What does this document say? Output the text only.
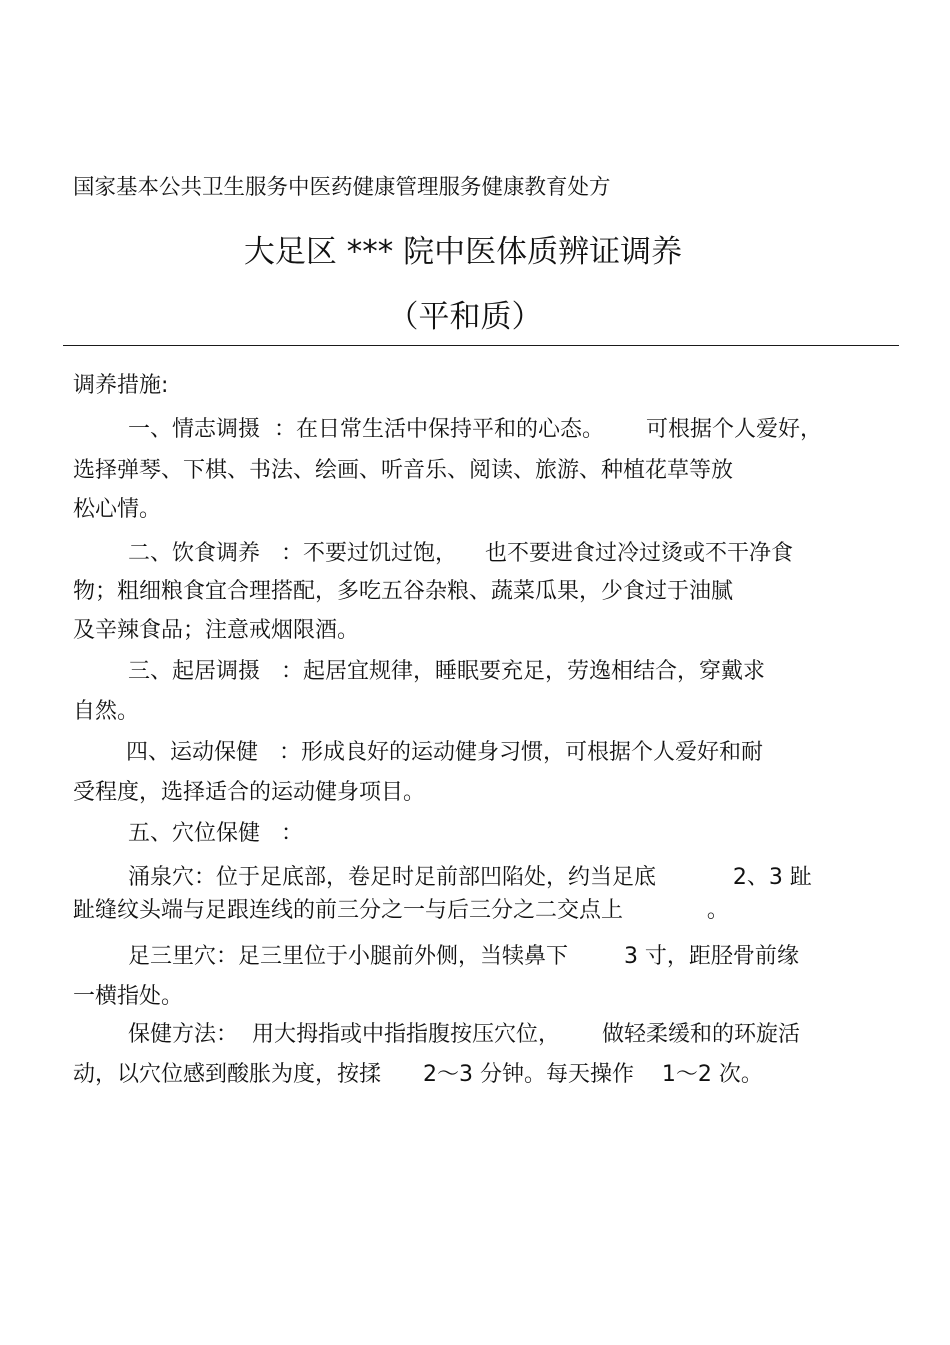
国家基本公共卫生服务中医药健康管理服务健康教育处方
大足区 *** 院中医体质辨证调养
（平和质）
调养措施:
一、情志调摄  ：在日常生活中保持平和的心态。      可根据个人爱好，
选择弹琴、下棋、书法、绘画、听音乐、阅读、旅游、种植花草等放
松心情。
二、饮食调养   ：不要过饥过饱，    也不要进食过冷过烫或不干净食
物；粗细粮食宜合理搭配，多吃五谷杂粮、蔬菜瓜果，少食过于油腻
及辛辣食品；注意戒烟限酒。
三、起居调摄   ：起居宜规律，睡眠要充足，劳逸相结合，穿戴求
自然。
四、运动保健   ：形成良好的运动健身习惯，可根据个人爱好和耐
受程度，选择适合的运动健身项目。
五、穴位保健   ：
涌泉穴：位于足底部，卷足时足前部凹陷处，约当足底           2、3 趾
趾缝纹头端与足跟连线的前三分之一与后三分之二交点上            。
足三里穴：足三里位于小腿前外侧，当犊鼻下        3 寸，距胫骨前缘
一横指处。
保健方法：  用大拇指或中指指腹按压穴位，      做轻柔缓和的环旋活
动，以穴位感到酸胀为度，按揉      2～3 分钟。每天操作    1～2 次。
